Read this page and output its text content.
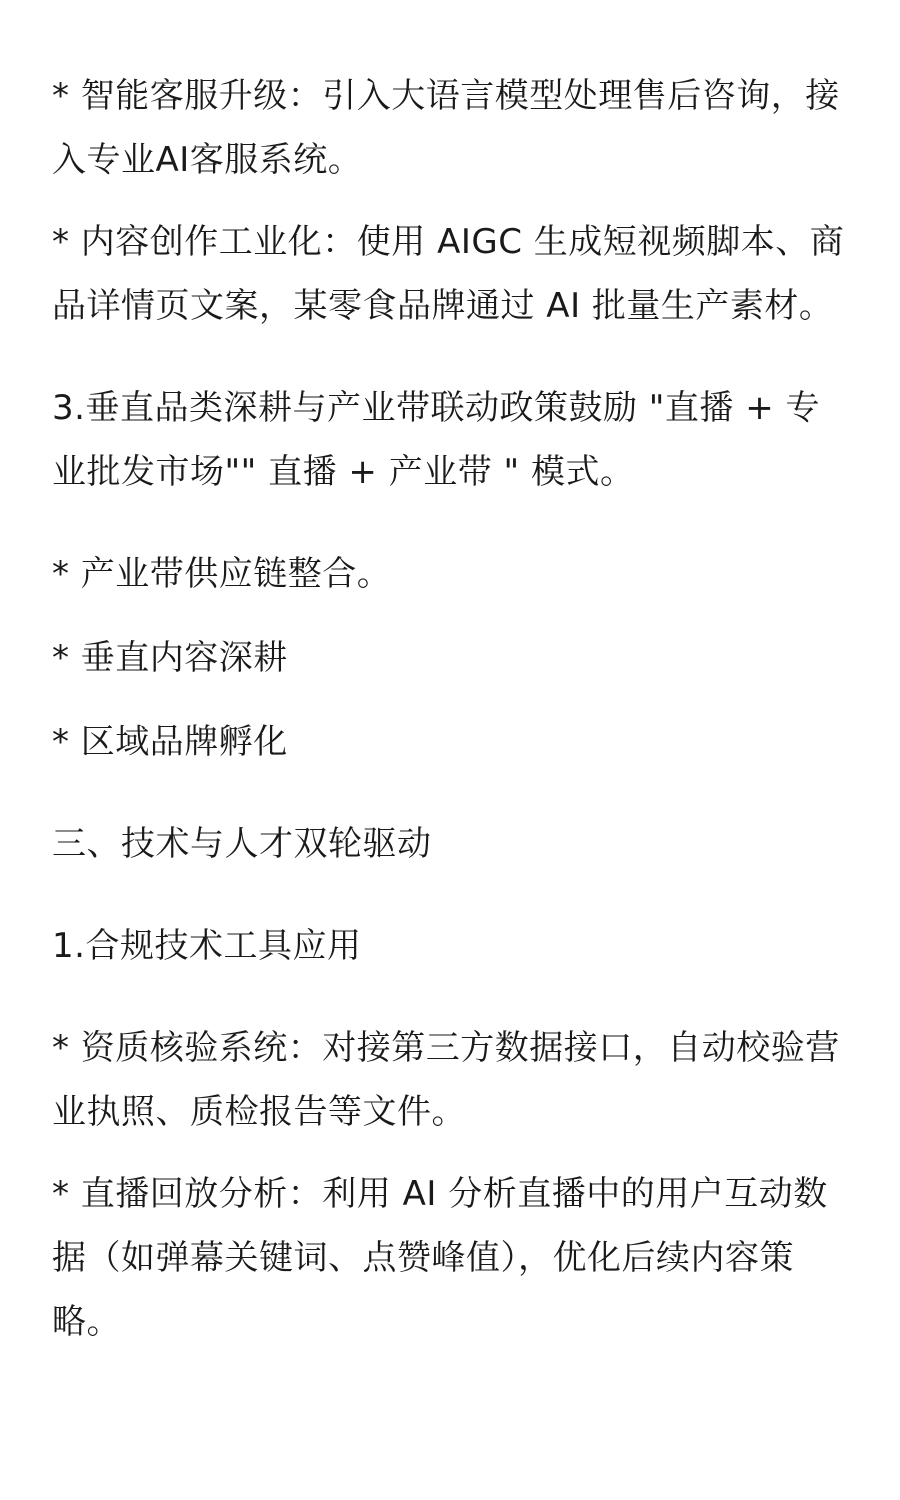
* 智能客服升级：引入大语言模型处理售后咨询，接入专业AI客服系统。

* 内容创作工业化：使用 AIGC 生成短视频脚本、商品详情页文案，某零食品牌通过 AI 批量生产素材。

3.垂直品类深耕与产业带联动政策鼓励 "直播 + 专业批发市场"" 直播 + 产业带 " 模式。

* 产业带供应链整合。

* 垂直内容深耕

* 区域品牌孵化

三、技术与人才双轮驱动

1.合规技术工具应用

* 资质核验系统：对接第三方数据接口，自动校验营业执照、质检报告等文件。

* 直播回放分析：利用 AI 分析直播中的用户互动数据（如弹幕关键词、点赞峰值），优化后续内容策略。
